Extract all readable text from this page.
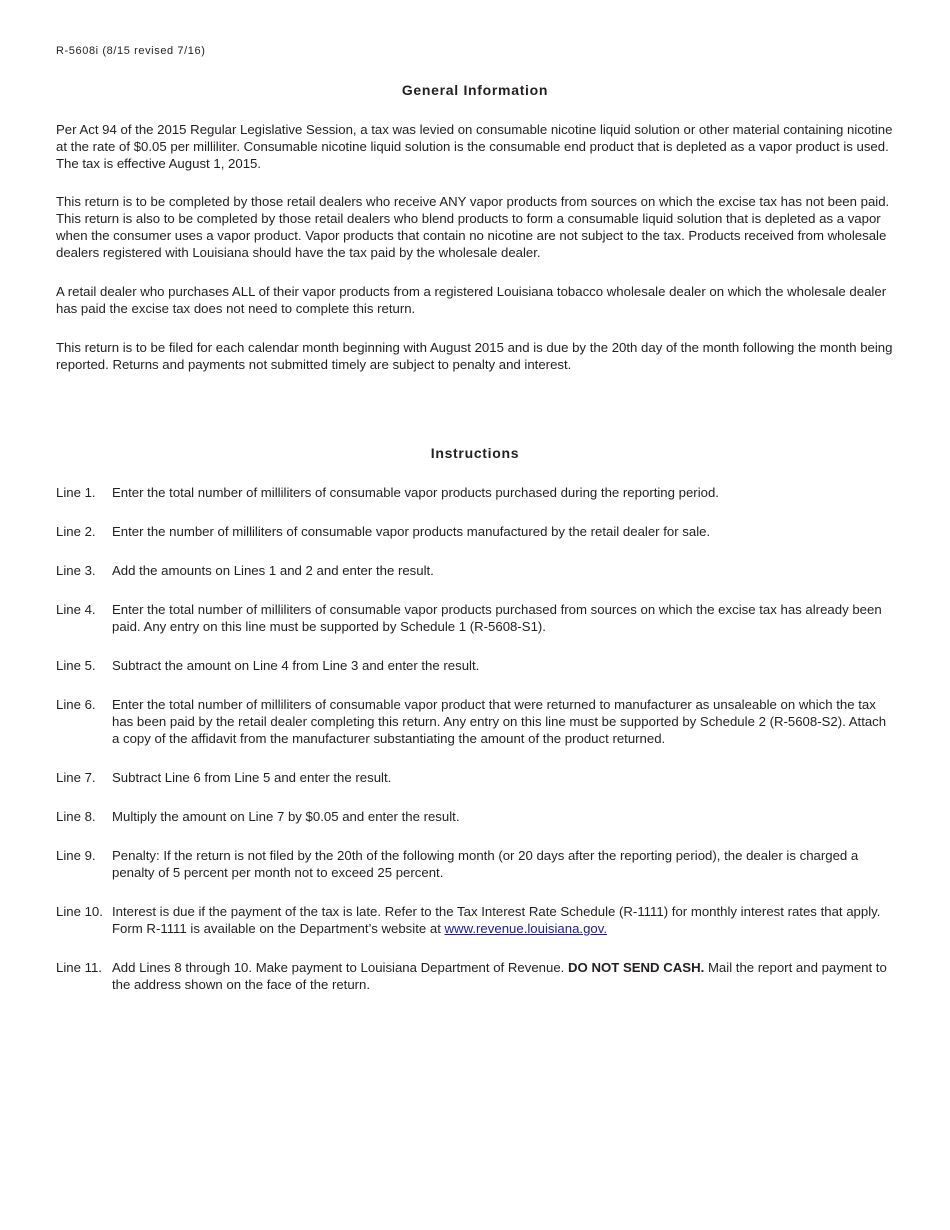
R-5608i (8/15 revised 7/16)
General Information

Per Act 94 of the 2015 Regular Legislative Session, a tax was levied on consumable nicotine liquid solution or other material containing nicotine at the rate of $0.05 per milliliter. Consumable nicotine liquid solution is the consumable end product that is depleted as a vapor product is used. The tax is effective August 1, 2015.

This return is to be completed by those retail dealers who receive ANY vapor products from sources on which the excise tax has not been paid. This return is also to be completed by those retail dealers who blend products to form a consumable liquid solution that is depleted as a vapor when the consumer uses a vapor product. Vapor products that contain no nicotine are not subject to the tax. Products received from wholesale dealers registered with Louisiana should have the tax paid by the wholesale dealer.

A retail dealer who purchases ALL of their vapor products from a registered Louisiana tobacco wholesale dealer on which the wholesale dealer has paid the excise tax does not need to complete this return.

This return is to be filed for each calendar month beginning with August 2015 and is due by the 20th day of the month following the month being reported. Returns and payments not submitted timely are subject to penalty and interest.

Instructions
Line 1.	Enter the total number of milliliters of consumable vapor products purchased during the reporting period.
Line 2.	Enter the number of milliliters of consumable vapor products manufactured by the retail dealer for sale.
Line 3.	Add the amounts on Lines 1 and 2 and enter the result.
Line 4.	Enter the total number of milliliters of consumable vapor products purchased from sources on which the excise tax has already been paid. Any entry on this line must be supported by Schedule 1 (R-5608-S1).
Line 5.	Subtract the amount on Line 4 from Line 3 and enter the result.
Line 6.	Enter the total number of milliliters of consumable vapor product that were returned to manufacturer as unsaleable on which the tax has been paid by the retail dealer completing this return. Any entry on this line must be supported by Schedule 2 (R-5608-S2). Attach a copy of the affidavit from the manufacturer substantiating the amount of the product returned.
Line 7.	Subtract Line 6 from Line 5 and enter the result.
Line 8.	Multiply the amount on Line 7 by $0.05 and enter the result.
Line 9.	Penalty: If the return is not filed by the 20th of the following month (or 20 days after the reporting period), the dealer is charged a penalty of 5 percent per month not to exceed 25 percent.
Line 10. Interest is due if the payment of the tax is late. Refer to the Tax Interest Rate Schedule (R-1111) for monthly interest rates that apply. Form R-1111 is available on the Department’s website at www.revenue.louisiana.gov.
Line 11. Add Lines 8 through 10. Make payment to Louisiana Department of Revenue. DO NOT SEND CASH. Mail the report and payment to the address shown on the face of the return.
